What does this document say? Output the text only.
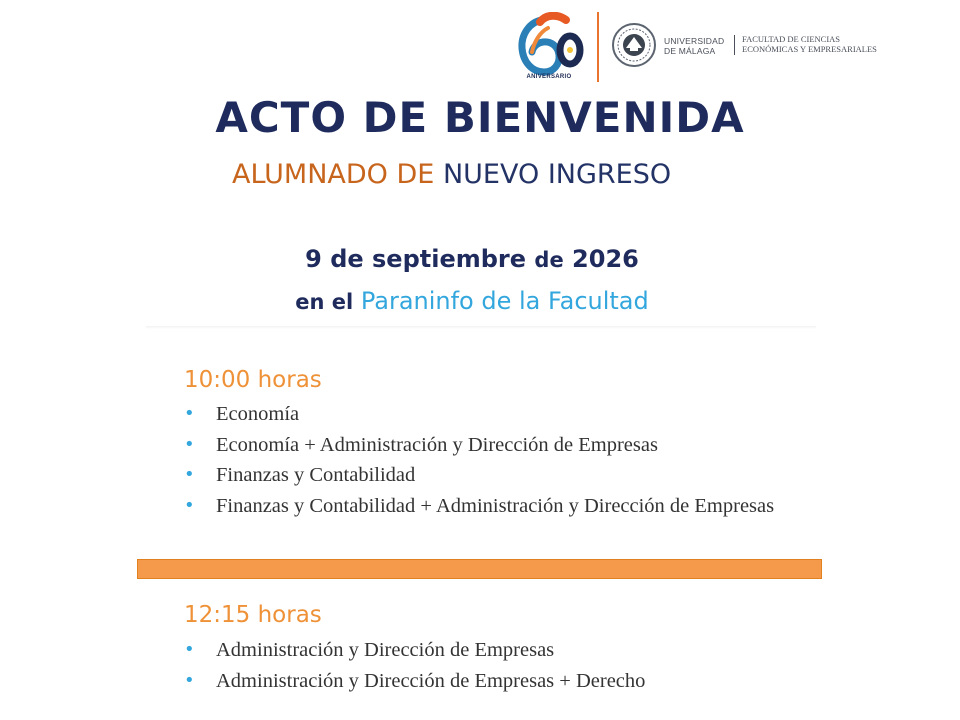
ANIVERSARIO
UNIVERSIDAD
DE MÁLAGA
FACULTAD DE CIENCIAS
ECONÓMICAS Y EMPRESARIALES
ACTO DE BIENVENIDA
ALUMNADO DE NUEVO INGRESO
9 de septiembre de 2026
en el Paraninfo de la Facultad
10:00 horas
• Economía
• Economía + Administración y Dirección de Empresas
• Finanzas y Contabilidad
• Finanzas y Contabilidad + Administración y Dirección de Empresas
12:15 horas
• Administración y Dirección de Empresas
• Administración y Dirección de Empresas + Derecho
